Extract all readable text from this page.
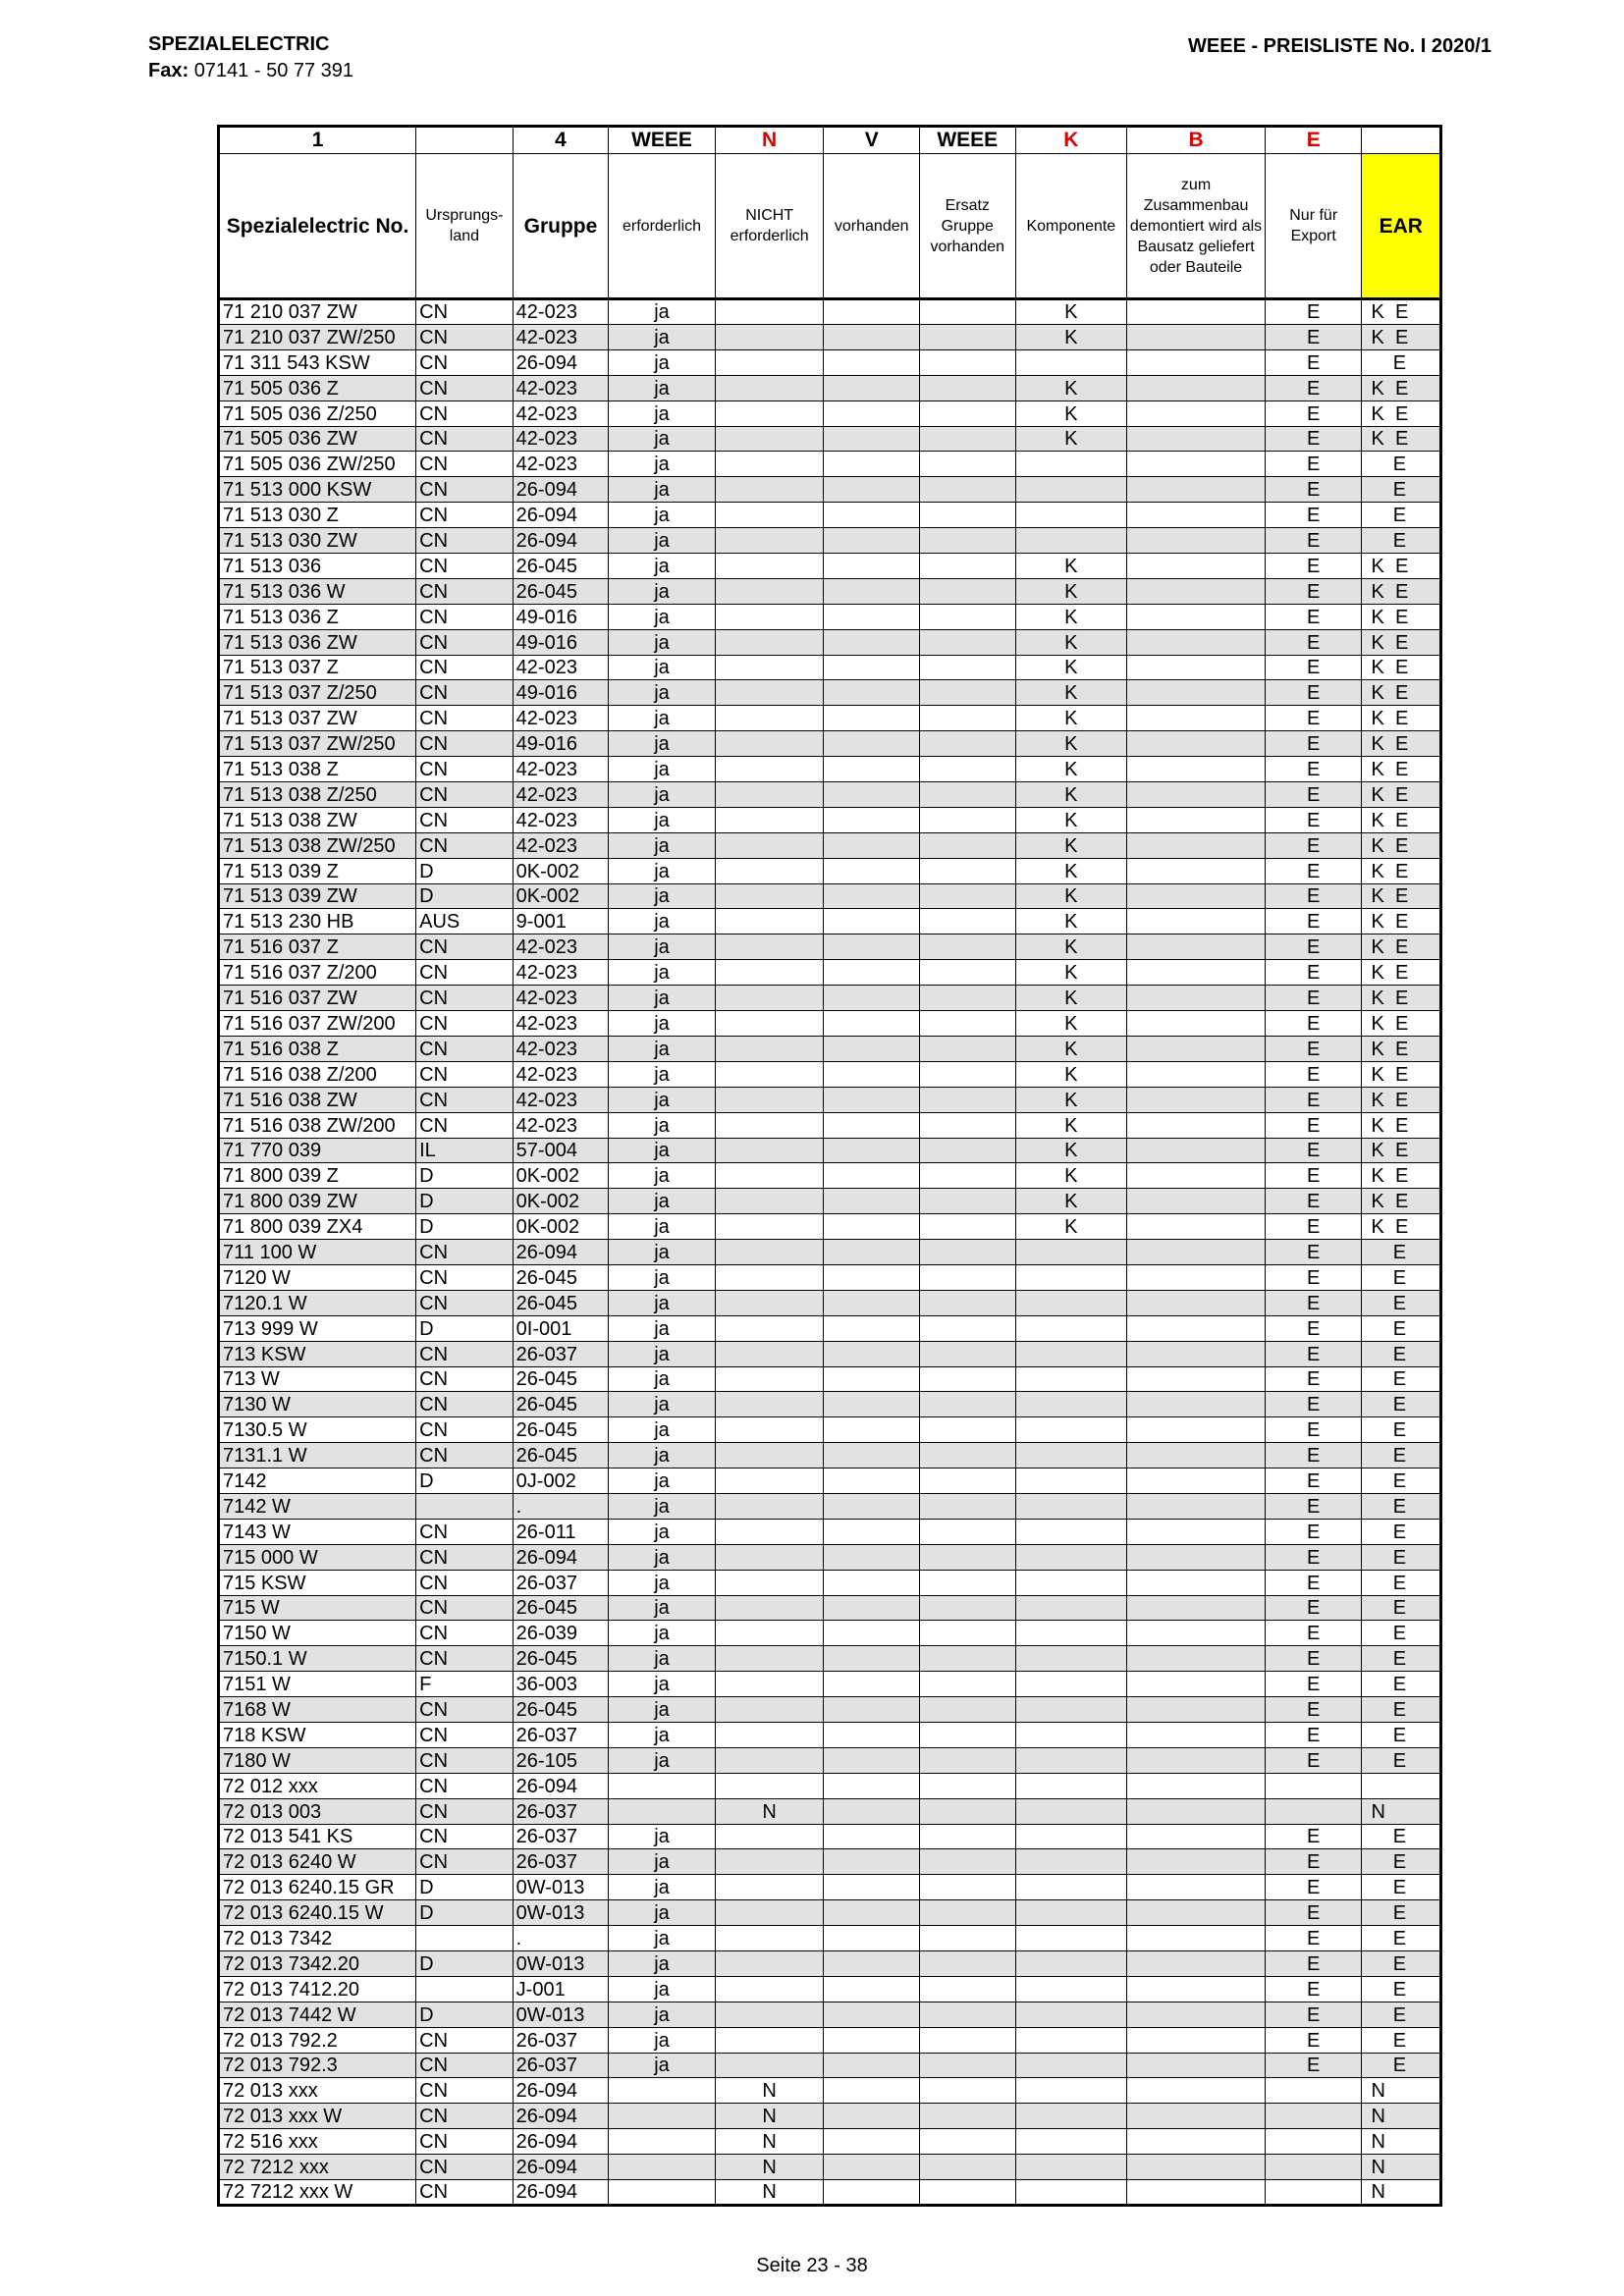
SPEZIALELECTRIC
Fax: 07141 - 50 77 391
WEEE - PREISLISTE No. I 2020/1
1		4	WEEE	N	V	WEEE	K	B	E	
Spezialelectric No.	Ursprungs-land	Gruppe	erforderlich	NICHT erforderlich	vorhanden	Ersatz Gruppe vorhanden	Komponente	zum Zusammenbau demontiert wird als Bausatz geliefert oder Bauteile	Nur für Export	EAR
71 210 037 ZW	CN	42-023	ja				K		E	K  E
71 210 037 ZW/250	CN	42-023	ja				K		E	K  E
71 311 543 KSW	CN	26-094	ja						E	E
71 505 036 Z	CN	42-023	ja				K		E	K  E
71 505 036 Z/250	CN	42-023	ja				K		E	K  E
71 505 036 ZW	CN	42-023	ja				K		E	K  E
71 505 036 ZW/250	CN	42-023	ja						E	E
71 513 000 KSW	CN	26-094	ja						E	E
71 513 030 Z	CN	26-094	ja						E	E
71 513 030 ZW	CN	26-094	ja						E	E
71 513 036	CN	26-045	ja				K		E	K  E
71 513 036 W	CN	26-045	ja				K		E	K  E
71 513 036 Z	CN	49-016	ja				K		E	K  E
71 513 036 ZW	CN	49-016	ja				K		E	K  E
71 513 037 Z	CN	42-023	ja				K		E	K  E
71 513 037 Z/250	CN	49-016	ja				K		E	K  E
71 513 037 ZW	CN	42-023	ja				K		E	K  E
71 513 037 ZW/250	CN	49-016	ja				K		E	K  E
71 513 038 Z	CN	42-023	ja				K		E	K  E
71 513 038 Z/250	CN	42-023	ja				K		E	K  E
71 513 038 ZW	CN	42-023	ja				K		E	K  E
71 513 038 ZW/250	CN	42-023	ja				K		E	K  E
71 513 039 Z	D	0K-002	ja				K		E	K  E
71 513 039 ZW	D	0K-002	ja				K		E	K  E
71 513 230 HB	AUS	9-001	ja				K		E	K  E
71 516 037 Z	CN	42-023	ja				K		E	K  E
71 516 037 Z/200	CN	42-023	ja				K		E	K  E
71 516 037 ZW	CN	42-023	ja				K		E	K  E
71 516 037 ZW/200	CN	42-023	ja				K		E	K  E
71 516 038 Z	CN	42-023	ja				K		E	K  E
71 516 038 Z/200	CN	42-023	ja				K		E	K  E
71 516 038 ZW	CN	42-023	ja				K		E	K  E
71 516 038 ZW/200	CN	42-023	ja				K		E	K  E
71 770 039	IL	57-004	ja				K		E	K  E
71 800 039 Z	D	0K-002	ja				K		E	K  E
71 800 039 ZW	D	0K-002	ja				K		E	K  E
71 800 039 ZX4	D	0K-002	ja				K		E	K  E
711 100 W	CN	26-094	ja						E	E
7120 W	CN	26-045	ja						E	E
7120.1 W	CN	26-045	ja						E	E
713 999 W	D	0I-001	ja						E	E
713 KSW	CN	26-037	ja						E	E
713 W	CN	26-045	ja						E	E
7130 W	CN	26-045	ja						E	E
7130.5 W	CN	26-045	ja						E	E
7131.1 W	CN	26-045	ja						E	E
7142	D	0J-002	ja						E	E
7142 W		.	ja						E	E
7143 W	CN	26-011	ja						E	E
715 000 W	CN	26-094	ja						E	E
715 KSW	CN	26-037	ja						E	E
715 W	CN	26-045	ja						E	E
7150 W	CN	26-039	ja						E	E
7150.1 W	CN	26-045	ja						E	E
7151 W	F	36-003	ja						E	E
7168 W	CN	26-045	ja						E	E
718 KSW	CN	26-037	ja						E	E
7180 W	CN	26-105	ja						E	E
72 012 xxx	CN	26-094								
72 013 003	CN	26-037		N						N
72 013 541 KS	CN	26-037	ja						E	E
72 013 6240 W	CN	26-037	ja						E	E
72 013 6240.15 GR	D	0W-013	ja						E	E
72 013 6240.15 W	D	0W-013	ja						E	E
72 013 7342		.	ja						E	E
72 013 7342.20	D	0W-013	ja						E	E
72 013 7412.20		J-001	ja						E	E
72 013 7442 W	D	0W-013	ja						E	E
72 013 792.2	CN	26-037	ja						E	E
72 013 792.3	CN	26-037	ja						E	E
72 013 xxx	CN	26-094		N						N
72 013 xxx W	CN	26-094		N						N
72 516 xxx	CN	26-094		N						N
72 7212 xxx	CN	26-094		N						N
72 7212 xxx W	CN	26-094		N						N
Seite 23 - 38
